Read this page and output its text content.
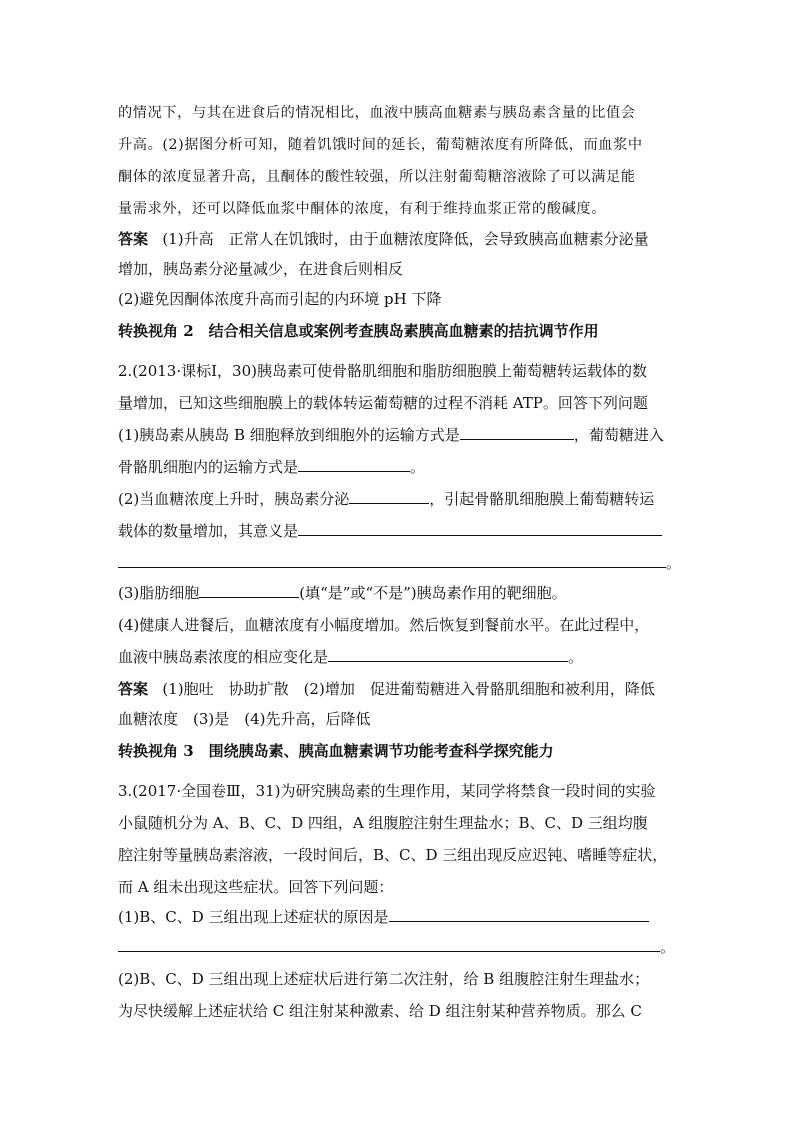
的情况下，与其在进食后的情况相比，血液中胰高血糖素与胰岛素含量的比值会
升高。(2)据图分析可知，随着饥饿时间的延长，葡萄糖浓度有所降低，而血浆中
酮体的浓度显著升高，且酮体的酸性较强，所以注射葡萄糖溶液除了可以满足能
量需求外，还可以降低血浆中酮体的浓度，有利于维持血浆正常的酸碱度。
答案 (1)升高　正常人在饥饿时，由于血糖浓度降低，会导致胰高血糖素分泌量
增加，胰岛素分泌量减少，在进食后则相反
(2)避免因酮体浓度升高而引起的内环境 pH 下降
转换视角 2　结合相关信息或案例考查胰岛素胰高血糖素的拮抗调节作用
2.(2013·课标Ⅰ，30)胰岛素可使骨骼肌细胞和脂肪细胞膜上葡萄糖转运载体的数
量增加，已知这些细胞膜上的载体转运葡萄糖的过程不消耗 ATP。回答下列问题
(1)胰岛素从胰岛 B 细胞释放到细胞外的运输方式是	，葡萄糖进入
骨骼肌细胞内的运输方式是	。
(2)当血糖浓度上升时，胰岛素分泌	，引起骨骼肌细胞膜上葡萄糖转运
载体的数量增加，其意义是
。
(3)脂肪细胞	(填“是”或“不是”)胰岛素作用的靶细胞。
(4)健康人进餐后，血糖浓度有小幅度增加。然后恢复到餐前水平。在此过程中，
血液中胰岛素浓度的相应变化是	。
答案 (1)胞吐　协助扩散　(2)增加　促进葡萄糖进入骨骼肌细胞和被利用，降低
血糖浓度　(3)是　(4)先升高，后降低
转换视角 3　围绕胰岛素、胰高血糖素调节功能考查科学探究能力
3.(2017·全国卷Ⅲ，31)为研究胰岛素的生理作用，某同学将禁食一段时间的实验
小鼠随机分为 A、B、C、D 四组，A 组腹腔注射生理盐水；B、C、D 三组均腹
腔注射等量胰岛素溶液，一段时间后，B、C、D 三组出现反应迟钝、嗜睡等症状，
而 A 组未出现这些症状。回答下列问题：
(1)B、C、D 三组出现上述症状的原因是
。
(2)B、C、D 三组出现上述症状后进行第二次注射，给 B 组腹腔注射生理盐水；
为尽快缓解上述症状给 C 组注射某种激素、给 D 组注射某种营养物质。那么 C
